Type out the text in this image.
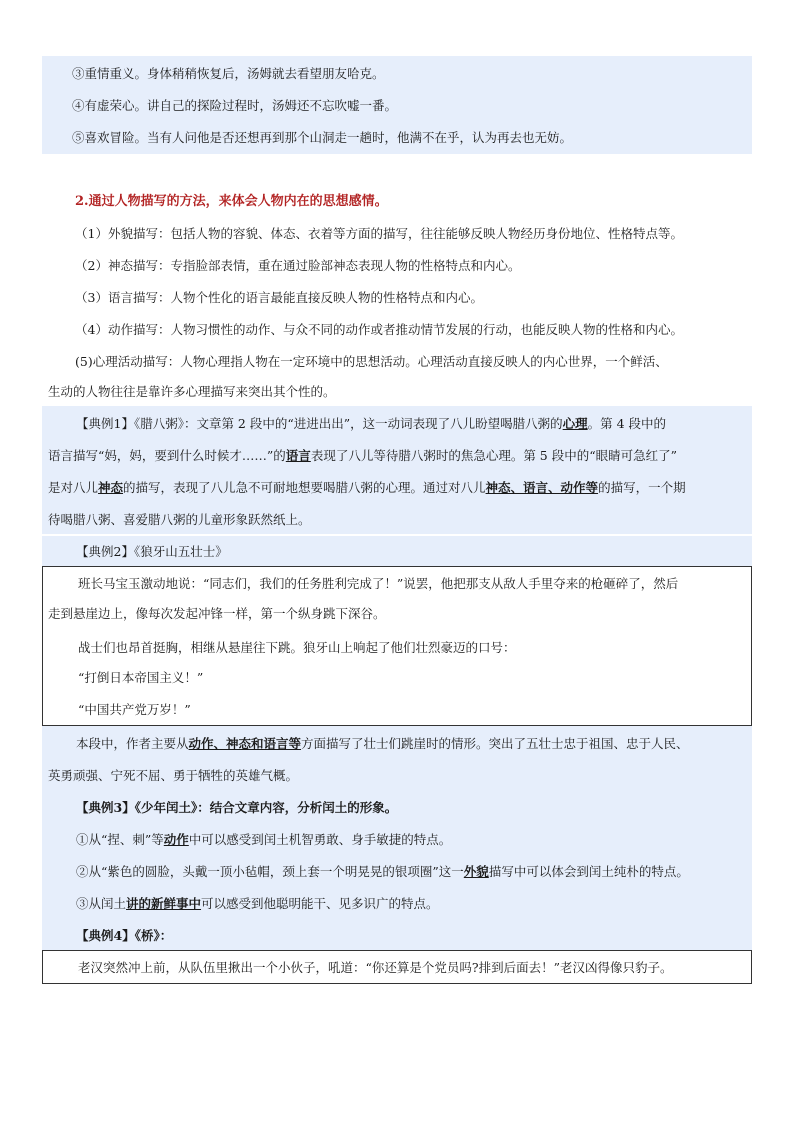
③重情重义。身体稍稍恢复后，汤姆就去看望朋友哈克。
④有虚荣心。讲自己的探险过程时，汤姆还不忘吹嘘一番。
⑤喜欢冒险。当有人问他是否还想再到那个山洞走一趟时，他满不在乎，认为再去也无妨。
2.通过人物描写的方法，来体会人物内在的思想感情。
（1）外貌描写：包括人物的容貌、体态、衣着等方面的描写，往往能够反映人物经历身份地位、性格特点等。
（2）神态描写：专指脸部表情，重在通过脸部神态表现人物的性格特点和内心。
（3）语言描写：人物个性化的语言最能直接反映人物的性格特点和内心。
（4）动作描写：人物习惯性的动作、与众不同的动作或者推动情节发展的行动，也能反映人物的性格和内心。
(5)心理活动描写：人物心理指人物在一定环境中的思想活动。心理活动直接反映人的内心世界，一个鲜活、
生动的人物往往是靠许多心理描写来突出其个性的。
【典例1】《腊八粥》：文章第 2 段中的“进进出出”，这一动词表现了八儿盼望喝腊八粥的心理。第 4 段中的
语言描写“妈，妈，要到什么时候才……”的语言表现了八儿等待腊八粥时的焦急心理。第 5 段中的“眼睛可急红了”
是对八儿神态的描写，表现了八儿急不可耐地想要喝腊八粥的心理。通过对八儿神态、语言、动作等的描写，一个期
待喝腊八粥、喜爱腊八粥的儿童形象跃然纸上。
【典例2】《狼牙山五壮士》
班长马宝玉激动地说：“同志们，我们的任务胜利完成了！”说罢，他把那支从敌人手里夺来的枪砸碎了，然后
走到悬崖边上，像每次发起冲锋一样，第一个纵身跳下深谷。
战士们也昂首挺胸，相继从悬崖往下跳。狼牙山上响起了他们壮烈豪迈的口号：
“打倒日本帝国主义！”
“中国共产党万岁！”
本段中，作者主要从动作、神态和语言等方面描写了壮士们跳崖时的情形。突出了五壮士忠于祖国、忠于人民、
英勇顽强、宁死不屈、勇于牺牲的英雄气概。
【典例3】《少年闰土》：结合文章内容，分析闰土的形象。
①从“捏、刺”等动作中可以感受到闰土机智勇敢、身手敏捷的特点。
②从“紫色的圆脸，头戴一顶小毡帽，颈上套一个明晃晃的银项圈”这一外貌描写中可以体会到闰土纯朴的特点。
③从闰土讲的新鲜事中可以感受到他聪明能干、见多识广的特点。
【典例4】《桥》：
老汉突然冲上前，从队伍里揪出一个小伙子，吼道：“你还算是个党员吗?排到后面去！”老汉凶得像只豹子。
